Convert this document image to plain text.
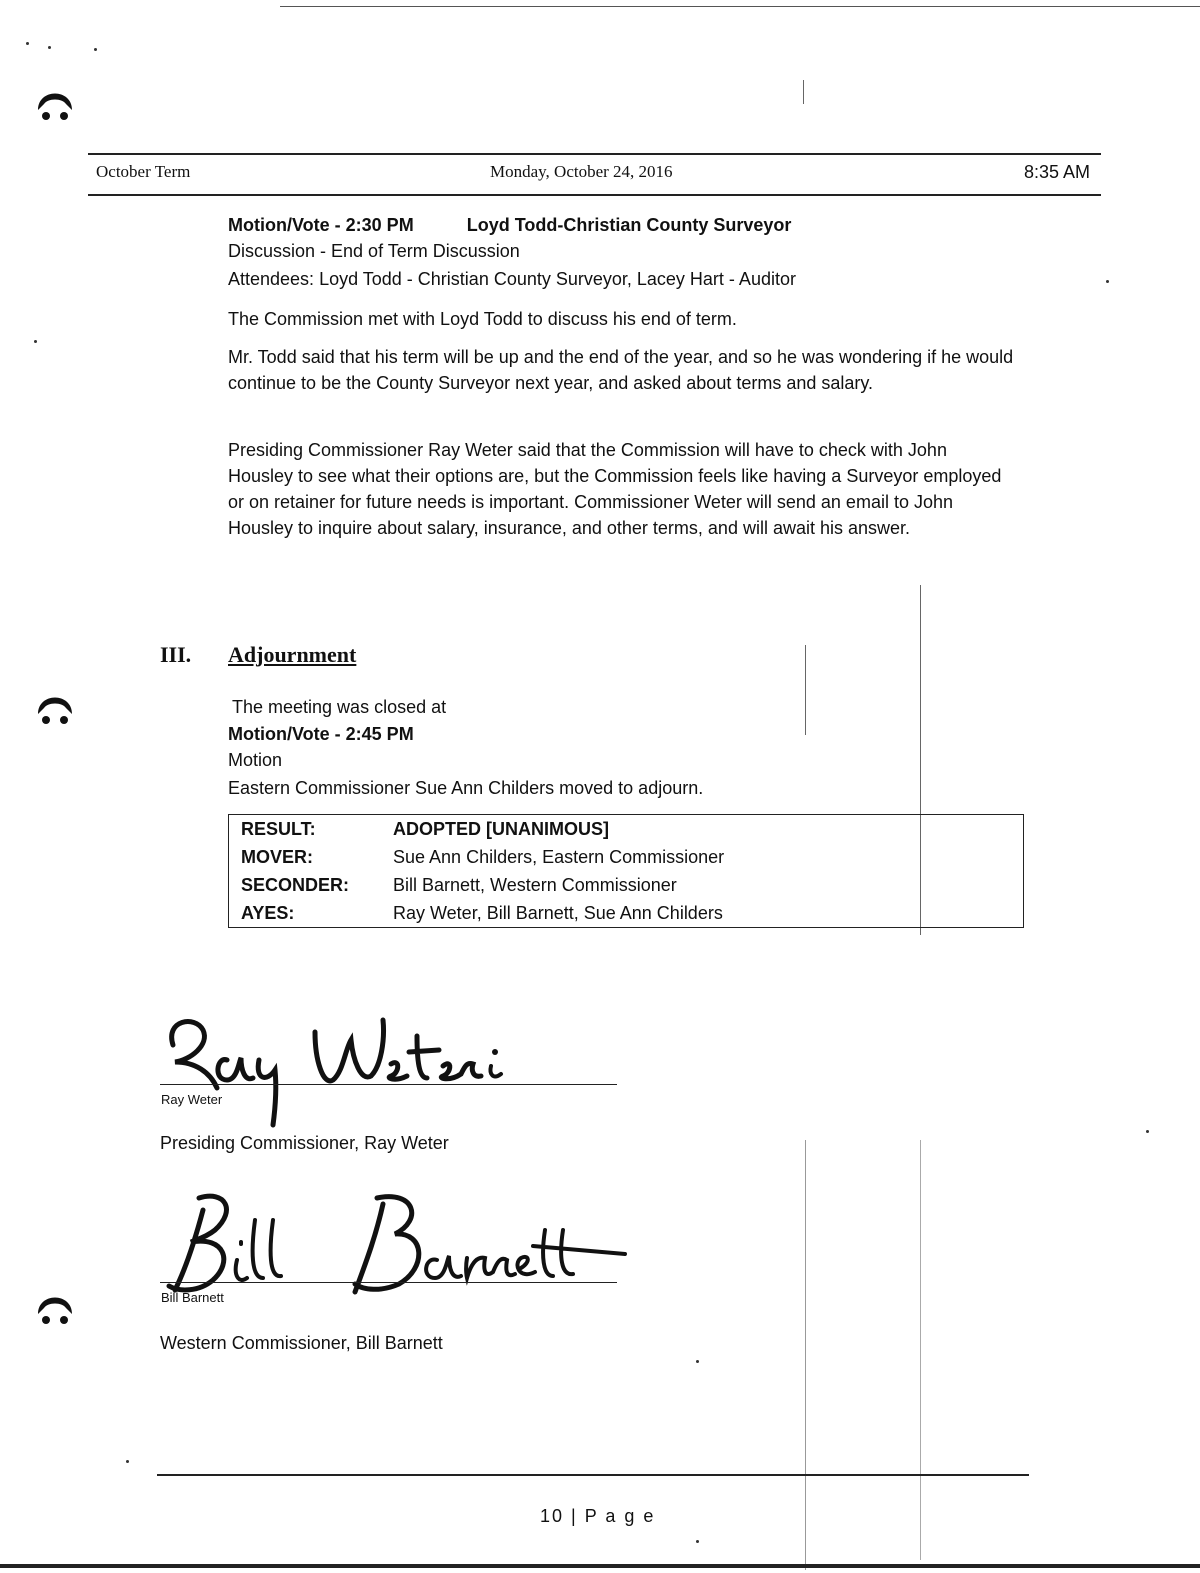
October Term	Monday, October 24, 2016	8:35 AM
Motion/Vote - 2:30 PM	Loyd Todd-Christian County Surveyor
Discussion - End of Term Discussion
Attendees: Loyd Todd - Christian County Surveyor, Lacey Hart - Auditor

The Commission met with Loyd Todd to discuss his end of term.

Mr. Todd said that his term will be up and the end of the year, and so he was wondering if he would continue to be the County Surveyor next year, and asked about terms and salary.

Presiding Commissioner Ray Weter said that the Commission will have to check with John Housley to see what their options are, but the Commission feels like having a Surveyor employed or on retainer for future needs is important. Commissioner Weter will send an email to John Housley to inquire about salary, insurance, and other terms, and will await his answer.

III. Adjournment
The meeting was closed at
Motion/Vote - 2:45 PM
Motion
Eastern Commissioner Sue Ann Childers moved to adjourn.
RESULT:	ADOPTED [UNANIMOUS]
MOVER:	Sue Ann Childers, Eastern Commissioner
SECONDER:	Bill Barnett, Western Commissioner
AYES:	Ray Weter, Bill Barnett, Sue Ann Childers
Ray Weter
Presiding Commissioner, Ray Weter
Bill Barnett
Western Commissioner, Bill Barnett
10 | P a g e
